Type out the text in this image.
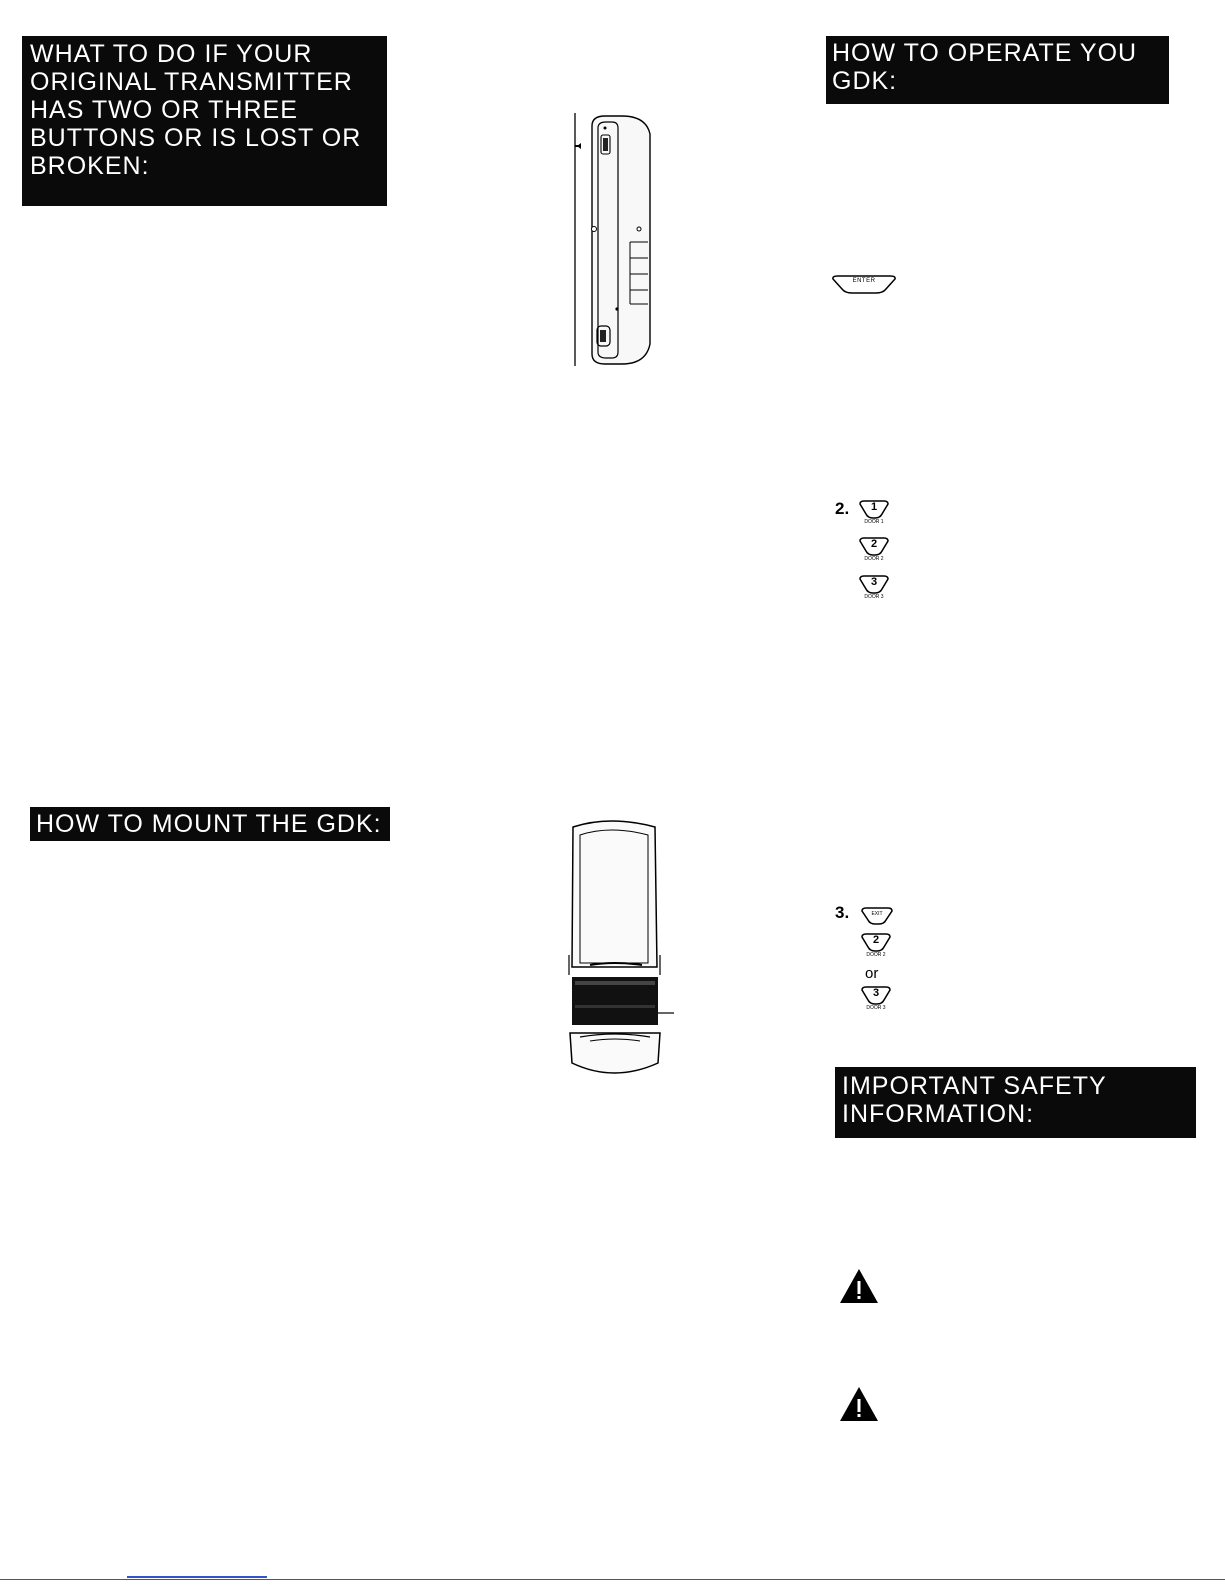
WHAT TO DO IF YOUR
ORIGINAL TRANSMITTER
HAS TWO OR THREE
BUTTONS OR IS LOST OR
BROKEN:
HOW TO MOUNT THE GDK:
HOW TO OPERATE YOU
GDK:
IMPORTANT SAFETY
INFORMATION:
ENTER
2.	1
DOOR 1
2
DOOR 2
3
DOOR 3
3.	EXIT
2
DOOR 2
or
3
DOOR 3
